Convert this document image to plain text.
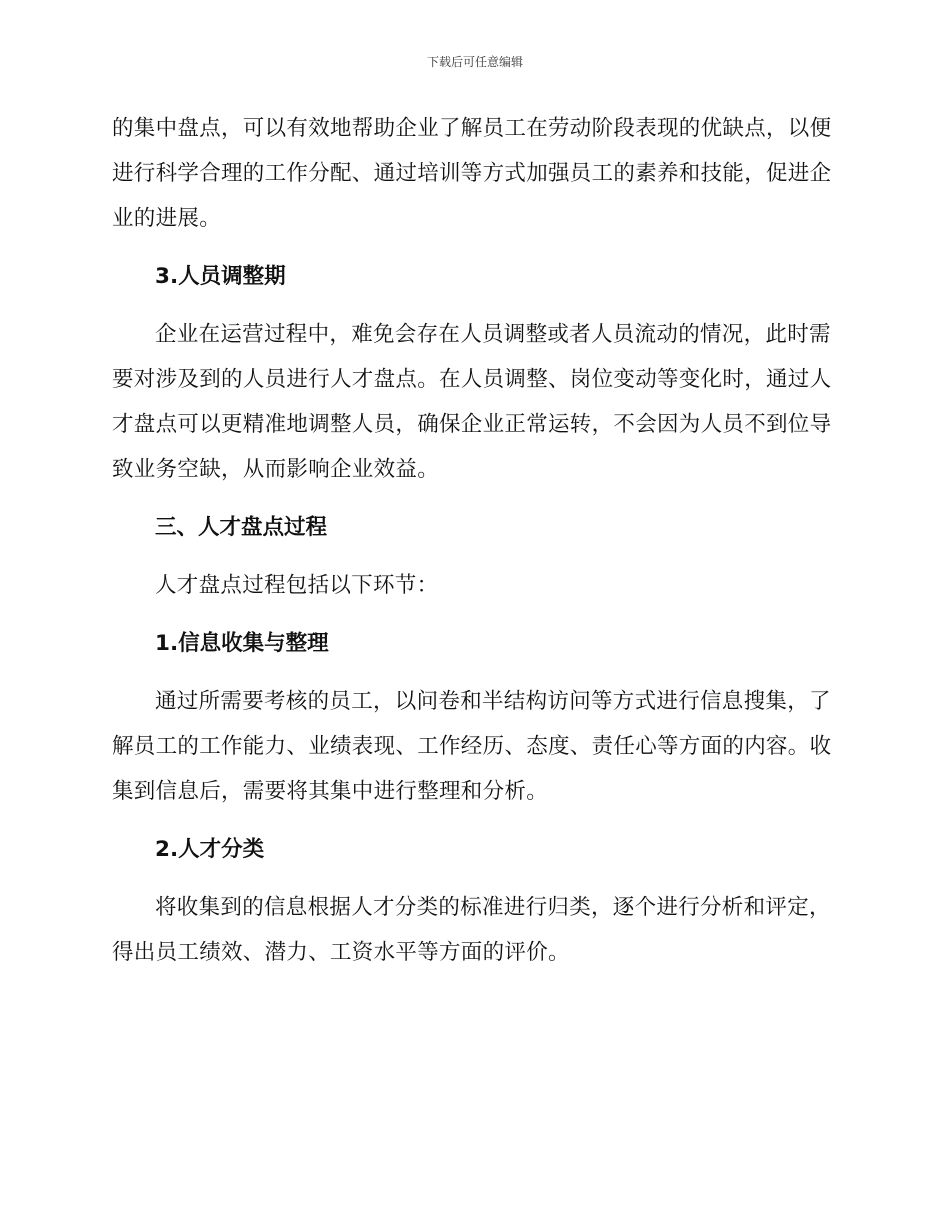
下载后可任意编辑

的集中盘点，可以有效地帮助企业了解员工在劳动阶段表现的优缺点，以便进行科学合理的工作分配、通过培训等方式加强员工的素养和技能，促进企业的进展。

3.人员调整期

企业在运营过程中，难免会存在人员调整或者人员流动的情况，此时需要对涉及到的人员进行人才盘点。在人员调整、岗位变动等变化时，通过人才盘点可以更精准地调整人员，确保企业正常运转，不会因为人员不到位导致业务空缺，从而影响企业效益。

三、人才盘点过程

人才盘点过程包括以下环节：

1.信息收集与整理

通过所需要考核的员工，以问卷和半结构访问等方式进行信息搜集，了解员工的工作能力、业绩表现、工作经历、态度、责任心等方面的内容。收集到信息后，需要将其集中进行整理和分析。

2.人才分类

将收集到的信息根据人才分类的标准进行归类，逐个进行分析和评定，得出员工绩效、潜力、工资水平等方面的评价。
